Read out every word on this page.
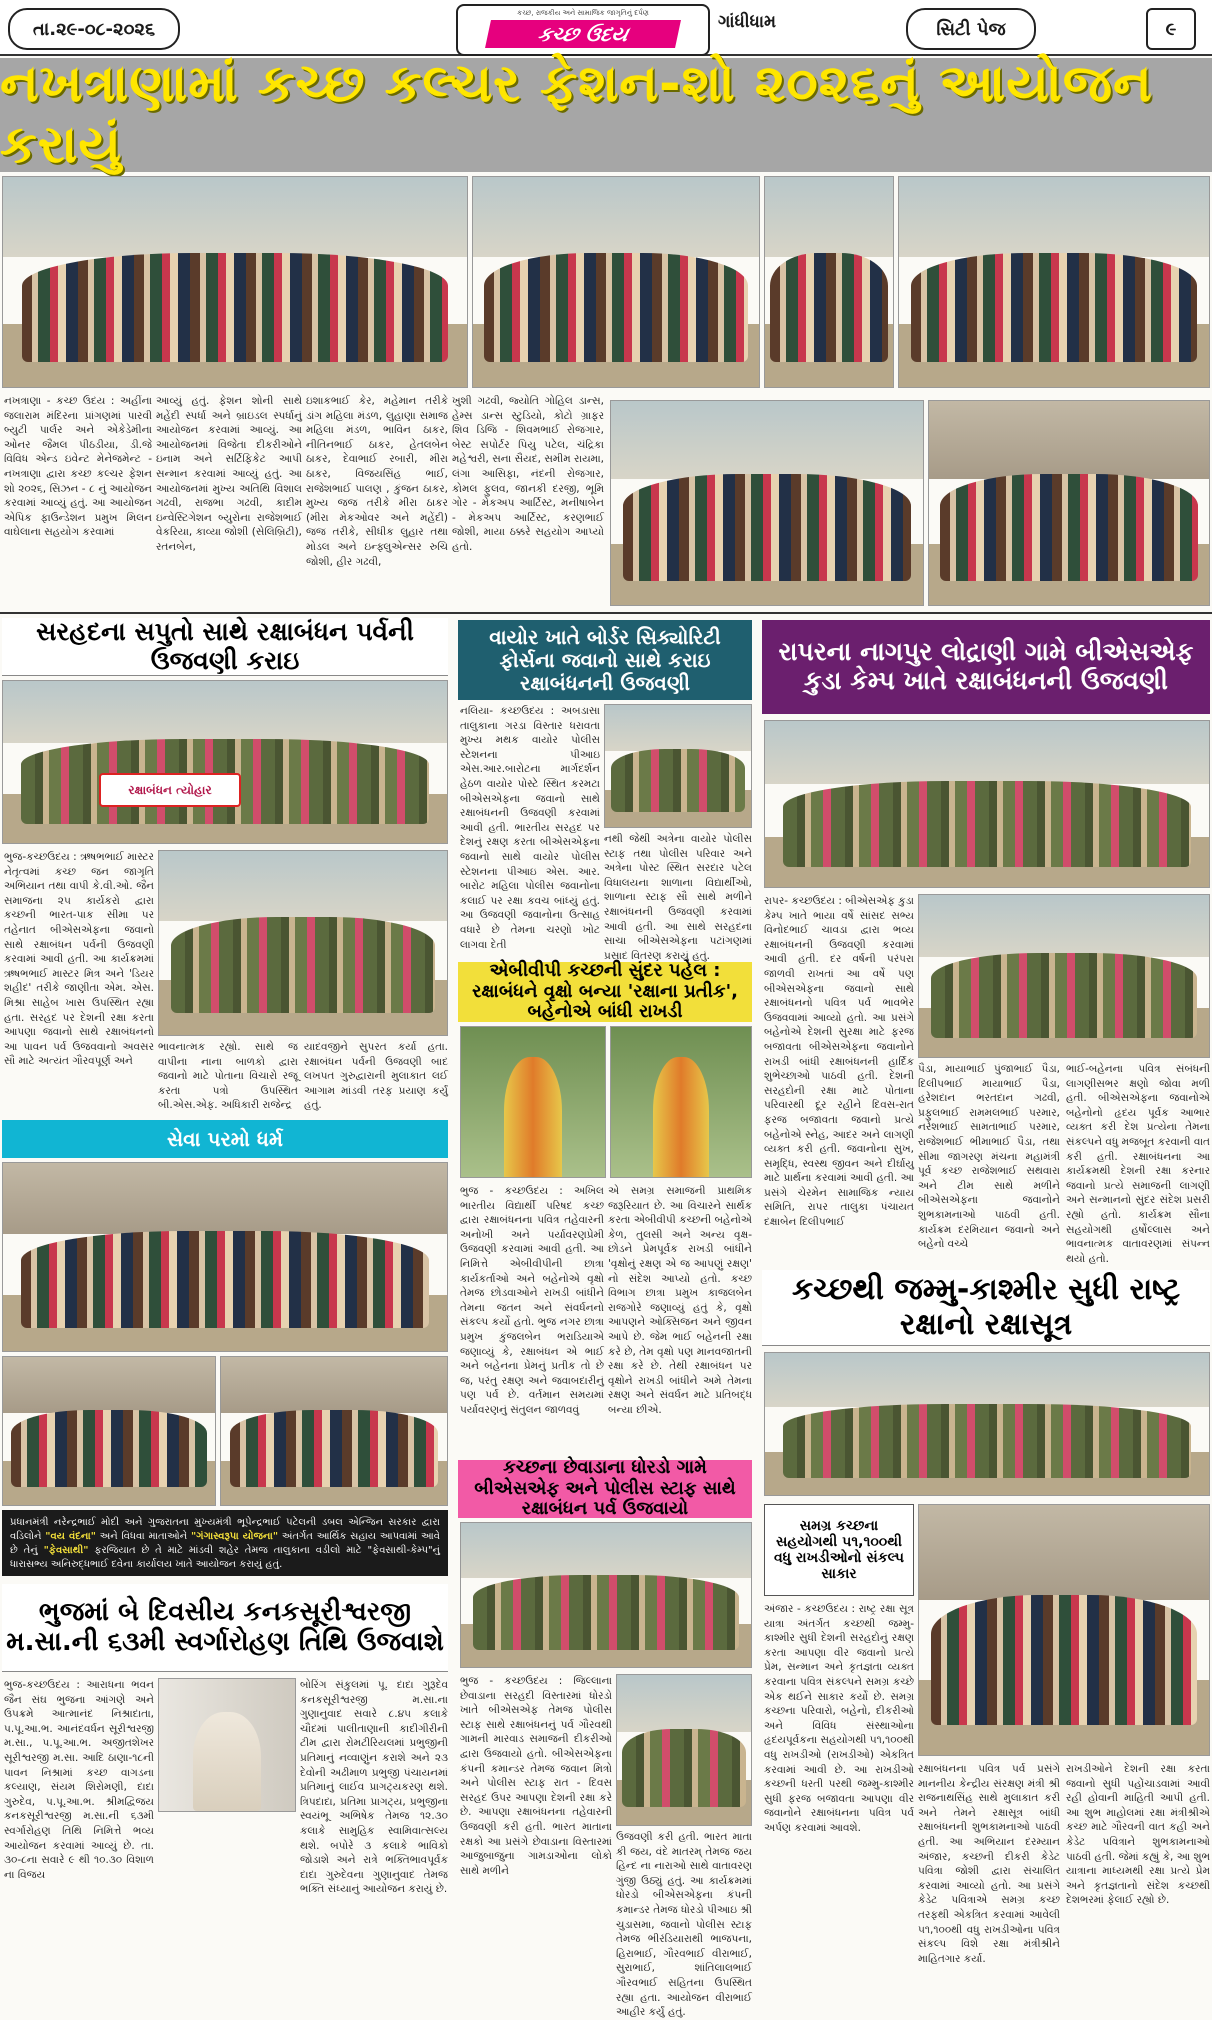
તા.૨૯-૦૮-૨૦૨૬
કચ્છ, રાજકીય અને સામાજિક જાગૃતિનું દર્પણ
કચ્છ ઉદય	ગાંધીધામ	સિટી પેજ	૯
નખત્રાણામાં કચ્છ કલ્ચર ફેશન-શો ૨૦૨૬નું આયોજન કરાયું
નખત્રાણા - કચ્છ ઉદય : અહીંના જલારામ મંદિરના પ્રાંગણમાં પારવી બ્યુટી પાર્લર અને એકેડેમીના ઓનર જૈમલ પીઠડીયા, ડી.જે વિવિધ એન્ડ ઇવેન્ટ મેનેજમેન્ટ - નખત્રાણા દ્વારા કચ્છ કલ્ચર ફેશન શો ૨૦૨૬, સિઝન - ૮ નું આયોજન કરવામાં આવ્યું હતું. આ આયોજન એપિક ફાઉન્ડેશન પ્રમુખ મિલન વાઘેલાના સહયોગ કરવામાં
આવ્યું હતું. ફેશન શોની સાથે મહેંદી સ્પર્ધા અને બ્રાઇડલ સ્પર્ધાનું આયોજન કરવામાં આવ્યું. આ આયોજનમાં વિજેતા દીકરીઓને ઇનામ અને સર્ટિફિકેટ આપી સન્માન કરવામાં આવ્યું હતું. આ આયોજનમાં મુખ્ય અતિથિ વિશાલ ગઢવી, રાજભા ગઢવી, કાદીમ ઇન્વેસ્ટિગેશન બ્યુરોના રાજેશભાઈ વેકરિયા, કાવ્યા જોશી (સેલિબ્રિટી), રતનબેન,
ઇશાકભાઈ કેર, મહેમાન તરીકે ડાંગ મહિલા મંડળ, લુહાણા સમાજ મહિલા મંડળ, ભાવિન ઠાકર, નીતિનભાઈ ઠાકર, હેતલબેન ઠાકર, દેવાભાઈ રબારી, મીરા ઠાકર, વિજયસિંહ ભાઈ, રાજેશભાઈ પાલણ , કુંજન ઠાકર, મુખ્ય જજ તરીકે મીરા ઠાકર (મીરા મેકઓવર અને મહેંદી) જજ તરીકે, સીધીક લુહાર તથા મોડલ અને ઇન્ફ્લુએન્સર રુચિ જોશી, હીર ગઢવી,
ખુશી ગઢવી, જ્યોતિ ગોહિલ ડાન્સ, હેમ્સ ડાન્સ સ્ટુડિયો, કોટો ગ્રાફર શિવ ડિજિ - શિવમભાઈ રોજગાર, બેસ્ટ સપોર્ટર પિયુ પટેલ, ચંદ્રિકા મહેશ્વરી, સના સૈયદ, સમીમ રાયમા, લંગા આસિફા, નંદની રોજગાર, કોમલ ફુલવ, જાનકી દરજી, ભૂમિ ગોર - મેકઅપ આર્ટિસ્ટ, મનીષાબેન - મેકઅપ આર્ટિસ્ટ, કરણભાઈ જોશી, માયા ઠક્કરે સહયોગ આપ્યો હતો.
સરહદના સપુતો સાથે રક્ષાબંધન પર્વની ઉજવણી કરાઇ
રક્ષાબંધન ત્યોહાર
ભુજ-કચ્છઉદય : ઋષભભાઈ માસ્ટર નેતૃત્વમાં કચ્છ જન જાગૃતિ અભિયાન તથા વાપી કે.વી.ઓ. જૈન સમાજના ૨૫ કાર્યકરો દ્વારા કચ્છની ભારત-પાક સીમા પર તહેનાત બીએસએફના જવાનો સાથે રક્ષાબંધન પર્વની ઉજવણી કરવામાં આવી હતી. આ કાર્યક્રમમાં ઋષભભાઈ માસ્ટર મિત્ર અને 'ડિયર શહીદ' તરીકે જાણીતા એમ. એસ. મિશ્રા સાહેબ ખાસ ઉપસ્થિત રહ્યા હતા. સરહદ પર દેશની રક્ષા કરતા આપણા જવાનો સાથે રક્ષાબંધનનો આ પાવન પર્વ ઉજવવાનો અવસર સૌ માટે અત્યંત ગૌરવપૂર્ણ અને
ભાવનાત્મક રહ્યો. સાથે જ વાપીના નાના બાળકો દ્વારા જવાનો માટે પોતાના વિચારો રજૂ કરતા પત્રો ઉપસ્થિત બી.એસ.એફ. અધિકારી રાજેન્દ્ર
યાદવજીને સુપરત કર્યા હતા. રક્ષાબંધન પર્વની ઉજવણી બાદ લખપત ગુરુદ્વારાની મુલાકાત લઈ આગામ માંડવી તરફ પ્રયાણ કર્યું હતું.
વાયોર ખાતે બોર્ડર સિક્યોરિટી ફોર્સના જવાનો સાથે કરાઇ રક્ષાબંધનની ઉજવણી
નલિયા- કચ્છઉદય : અબડાસા તાલુકાના ગરડા વિસ્તાર ધરાવતા મુખ્ય મથક વાયોર પોલીસ સ્ટેશનના પીઆઇ એસ.આર.બારોટના માર્ગદર્શન હેઠળ વાયોર પોસ્ટે સ્થિત કરમટા બીએસએફના જવાનો સાથે રક્ષાબંધનની ઉજવણી કરવામાં આવી હતી. ભારતીય સરહદ પર દેશનું રક્ષણ કરતા બીએસએફના જવાનો સાથે વાયોર પોલીસ સ્ટેશનના પીઆઇ એસ. આર. બારોટ મહિલા પોલીસ જવાનોના કલાઈ પર રક્ષા કવચ બાંધ્યું હતું. આ ઉજવણી જવાનોના ઉત્સાહ વધારે છે તેમના ચરણો ખોટ લાગવા દેતી
નથી જેથી અત્રેના વાયોર પોલીસ સ્ટાફ તથા પોલીસ પરિવાર અને અત્રેના પોસ્ટ સ્થિત સરદાર પટેલ વિધાલયના શાળાના વિદ્યાર્થીઓ, શાળાના સ્ટાફ સૌ સાથે મળીને રક્ષાબંધનની ઉજવણી કરવામાં આવી હતી. આ સાથે સરહદના સાચા બીએસએફના પટાંગણમાં પ્રસાદ વિતરણ કરાયું હતું.
એબીવીપી કચ્છની સુંદર પહેલ : રક્ષાબંધને વૃક્ષો બન્યા 'રક્ષાના પ્રતીક', બહેનોએ બાંધી રાખડી
ભુજ - કચ્છઉદય : અખિલ ભારતીય વિદ્યાર્થી પરિષદ કચ્છ દ્વારા રક્ષાબંધનના પવિત્ર તહેવારની અનોખી અને પર્યાવરણપ્રેમી ઉજવણી કરવામાં આવી હતી. આ નિમિત્તે એબીવીપીની છાત્રા કાર્યકર્તાઓ અને બહેનોએ વૃક્ષો તેમજ છોડવાઓને રાખડી બાંધીને તેમના જતન અને સંવર્ધનનો સંકલ્પ કર્યો હતો. ભુજ નગર છાત્રા પ્રમુખ કુંજલબેન ભરાડિયાએ જણાવ્યું કે, રક્ષાબંધન એ ભાઈ અને બહેનના પ્રેમનું પ્રતીક તો છે જ, પરંતુ રક્ષણ અને જવાબદારીનું પણ પર્વ છે. વર્તમાન સમયમાં પર્યાવરણનું સંતુલન જાળવવું
એ સમગ્ર સમાજની પ્રાથમિક જરૂરિયાત છે. આ વિચારને સાર્થક કરતા એબીવીપી કચ્છની બહેનોએ કેળ, તુલસી અને અન્ય વૃક્ષ-છોડને પ્રેમપૂર્વક રાખડી બાંધીને 'વૃક્ષોનું રક્ષણ એ જ આપણું રક્ષણ' નો સંદેશ આપ્યો હતો. કચ્છ વિભાગ છાત્રા પ્રમુખ કાજલબેન રાજગોરે જણાવ્યું હતું કે, વૃક્ષો આપણને ઓક્સિજન અને જીવન આપે છે. જેમ ભાઈ બહેનની રક્ષા કરે છે, તેમ વૃક્ષો પણ માનવજાતની રક્ષા કરે છે. તેથી રક્ષાબંધન પર વૃક્ષોને રાખડી બાંધીને અમે તેમના રક્ષણ અને સંવર્ધન માટે પ્રતિબદ્ધ બન્યા છીએ.
રાપરના નાગપુર લોદ્રાણી ગામે બીએસએફ કુડા કેમ્પ ખાતે રક્ષાબંધનની ઉજવણી
રાપર- કચ્છઉદય : બીએસએફ કુડા કેમ્પ ખાતે ભાયા વર્ષે સાંસદ સભ્ય વિનોદભાઈ ચાવડા દ્વારા ભવ્ય રક્ષાબંધનની ઉજવણી કરવામાં આવી હતી. દર વર્ષની પરંપરા જાળવી રાખતાં આ વર્ષે પણ બીએસએફના જવાનો સાથે રક્ષાબંધનનો પવિત્ર પર્વ ભાવભેર ઉજવવામાં આવ્યો હતો. આ પ્રસંગે બહેનોએ દેશની સુરક્ષા માટે ફરજ બજાવતા બીએસએફના જવાનોને રાખડી બાંધી રક્ષાબંધનની હાર્દિક શુભેચ્છાઓ પાઠવી હતી. દેશની સરહદોની રક્ષા માટે પોતાના પરિવારથી દૂર રહીને દિવસ-રાત ફરજ બજાવતા જવાનો પ્રત્યે બહેનોએ સ્નેહ, આદર અને લાગણી વ્યક્ત કરી હતી. જવાનોના સુખ, સમૃદ્ધિ, સ્વસ્થ જીવન અને દીર્ઘાયુ માટે પ્રાર્થના કરવામાં આવી હતી. આ પ્રસંગે ચેરમેન સામાજિક ન્યાય સમિતિ, રાપર તાલુકા પંચાયત દક્ષાબેન દિલીપભાઈ
પૈડા, માયાભાઈ પુંજાભાઈ પૈડા, દિલીપભાઈ માયાભાઈ પૈડા, હરેશદાન ભરતદાન ગઢવી, પ્રફુલભાઈ રામમલભાઈ પરમાર, નરેશભાઈ સામતાભાઈ પરમાર, રાજેશભાઈ ભીમાભાઈ પૈડા, તથા સીમા જાગરણ મંચના મહામંત્રી પૂર્વ કચ્છ રાજેશભાઈ સથવારા અને ટીમ સાથે મળીને બીએસએફના જવાનોને શુભકામનાઓ પાઠવી હતી. કાર્યક્રમ દરમિયાન જવાનો અને બહેનો વચ્ચે
ભાઈ-બહેનના પવિત્ર સંબંધની લાગણીસભર ક્ષણો જોવા મળી હતી. બીએસએફના જવાનોએ બહેનોનો હૃદય પૂર્વક આભાર વ્યક્ત કરી દેશ પ્રત્યેના તેમના સંકલ્પને વધુ મજબૂત કરવાની વાત કરી હતી. રક્ષાબંધનના આ કાર્યક્રમથી દેશની રક્ષા કરનાર જવાનો પ્રત્યે સમાજની લાગણી અને સન્માનનો સુંદર સંદેશ પ્રસરી રહ્યો હતો. કાર્યક્રમ સૌના સહયોગથી હર્ષોલ્લાસ અને ભાવનાત્મક વાતાવરણમાં સંપન્ન થયો હતો.
સેવા પરમો ધર્મ
પ્રધાનમંત્રી નરેન્દ્રભાઈ મોદી અને ગુજરાતના મુખ્યમંત્રી ભૂપેન્દ્રભાઈ પટેલની ડબલ એન્જિન સરકાર દ્વારા વડિલોને "વય વંદના" અને વિધવા માતાઓને "ગંગાસ્વરૂપા યોજના" અંતર્ગત આર્થિક સહાય આપવામાં આવે છે તેનું "ફેવસાથી" ફરજિયાત છે તે માટે માંડવી શહેર તેમજ તાલુકાના વડીલો માટે "ફેવસાથી-કેમ્પ"નું ધારાસભ્ય અનિરુદ્ધભાઈ દવેના કાર્યાલય ખાતે આયોજન કરાયું હતું.
કચ્છથી જમ્મુ-કાશ્મીર સુધી રાષ્ટ્ર રક્ષાનો રક્ષાસૂત્ર
કચ્છના છેવાડાના ધોરડો ગામે બીએસએફ અને પોલીસ સ્ટાફ સાથે રક્ષાબંધન પર્વ ઉજવાયો
ભુજ - કચ્છઉદય : જિલ્લાના છેવાડાના સરહદી વિસ્તારમાં ધોરડો ખાતે બીએસએફ તેમજ પોલીસ સ્ટાફ સાથે રક્ષાબંધનનું પર્વ ગૌરવથી ગામની મારવાડ સમાજની દીકરીઓ દ્વારા ઉજવાયો હતો. બીએસએફના કંપની કમાન્ડર તેમજ જવાન મિત્રો અને પોલીસ સ્ટાફ રાત - દિવસ સરહદ ઉપર આપણા દેશની રક્ષા કરે છે. આપણા રક્ષાબંધનના તહેવારની ઉજવણી કરી હતી. ભારત માતાના રક્ષકો આ પ્રસંગે છેવાડાના વિસ્તારમાં આજુબાજુના ગામડાઓના લોકો સાથે મળીને
ઉજવણી કરી હતી. ભારત માતા કી જય, વંદે માતરમ્ તેમજ જય હિન્દ ના નારાઓ સાથે વાતાવરણ ગુંજી ઉઠ્યું હતું. આ કાર્યક્રમમાં ધોરડો બીએસએફના કંપની કમાન્ડર તેમજ ધોરડો પીઆઇ શ્રી ચુડાસમા, જવાનો પોલીસ સ્ટાફ તેમજ ભીરંડિયારાથી ભાજપના, હિરાભાઈ, ગૌરવભાઈ વીરાભાઈ, સુરાભાઈ, શાંતિલાલભાઈ ગૌરવભાઈ સહિતના ઉપસ્થિત રહ્યા હતા. આયોજન વીરાભાઈ આહીર કર્યું હતું.
સમગ્ર કચ્છના સહયોગથી ૫૧,૧૦૦થી વધુ રાખડીઓનો સંકલ્પ સાકાર
અંજાર - કચ્છઉદય : રાષ્ટ્ર રક્ષા સૂત્ર યાત્રા અંતર્ગત કચ્છથી જમ્મુ-કાશ્મીર સુધી દેશની સરહદોનું રક્ષણ કરતા આપણા વીર જવાનો પ્રત્યે પ્રેમ, સન્માન અને કૃતજ્ઞતા વ્યક્ત કરવાના પવિત્ર સંકલ્પને સમગ્ર કચ્છે એક થઈને સાકાર કર્યો છે. સમગ્ર કચ્છના પરિવારો, બહેનો, દીકરીઓ અને વિવિધ સંસ્થાઓના હૃદયપૂર્વકના સહયોગથી ૫૧,૧૦૦થી વધુ રાખડીઓ (રાખડીઓ) એકત્રિત કરવામાં આવી છે. આ રાખડીઓ કચ્છની ધરતી પરથી જમ્મુ-કાશ્મીર સુધી ફરજ બજાવતા આપણા વીર જવાનોને રક્ષાબંધનના પવિત્ર પર્વ અર્પણ કરવામાં આવશે.
રક્ષાબંધનના પવિત્ર પર્વ પ્રસંગે માનનીય કેન્દ્રીય સંરક્ષણ મંત્રી શ્રી રાજનાથસિંહ સાથે મુલાકાત કરી અને તેમને રક્ષાસૂત્ર બાંધી રક્ષાબંધનની શુભકામનાઓ પાઠવી હતી. આ અભિયાન દરમ્યાન અંજાર, કચ્છની દીકરી કેડેટ પવિત્રા જોશી દ્વારા સંચાલિત કરવામાં આવ્યો હતો. આ પ્રસંગે કેડેટ પવિત્રાએ સમગ્ર કચ્છ તરફથી એકત્રિત કરવામાં આવેલી ૫૧,૧૦૦થી વધુ રાખડીઓના પવિત્ર સંકલ્પ વિશે રક્ષા મંત્રીશ્રીને માહિતગાર કર્યા.
રાખડીઓને દેશની રક્ષા કરતા જવાનો સુધી પહોંચાડવામાં આવી રહી હોવાની માહિતી આપી હતી. આ શુભ માહોલમાં રક્ષા મંત્રીશ્રીએ કચ્છ માટે ગૌરવની વાત કહી અને કેડેટ પવિત્રાને શુભકામનાઓ પાઠવી હતી. જેમાં કહ્યું કે, આ શુભ યાત્રાના માધ્યમથી રક્ષા પ્રત્યે પ્રેમ અને કૃતજ્ઞતાનો સંદેશ કચ્છથી દેશભરમાં ફેલાઈ રહ્યો છે.
ભુજમાં બે દિવસીય કનકસૂરીશ્વરજી મ.સા.ની ૬૩મી સ્વર્ગારોહણ તિથિ ઉજવાશે
ભુજ-કચ્છઉદય : આરાધના ભવન જૈન સંઘ ભુજના આંગણે અને ઉપક્રમે આત્માનંદ નિશ્રાદાતા, પ.પૂ.આ.ભ. આનંદવર્ધન સૂરીશ્વરજી મ.સા., પ.પૂ.આ.ભ. અજીતશેખર સૂરીશ્વરજી મ.સા. આદિ ઠાણા-૧૮ની પાવન નિશ્રામાં કચ્છ વાગડના કલ્યાણ, સંયમ શિરોમણી, દાદા ગુરુદેવ, પ.પૂ.આ.ભ. શ્રીમદ્વિજય કનકસૂરીશ્વરજી મ.સા.ની ૬૩મી સ્વર્ગારોહણ તિથિ નિમિત્તે ભવ્ય આયોજન કરવામાં આવ્યું છે. તા. ૩૦-૮ના સવારે ૯ થી ૧૦.૩૦ વિશાળ ના વિજય
બોરિંગ સંકુલમાં પૂ. દાદા ગુરૂદેવ કનકસૂરીશ્વરજી મ.સા.ના ગુણાનુવાદ સવારે ૮.૪૫ કલાકે ચૌદમાં પાલીતાણાની કાદીગીરીની ટીમ દ્વારા રોમટીરિયલમાં પ્રભુજીની પ્રતિમાનું નવ્વાણુંન કરાશે અને ૨૩ દેવોની અઢીમાળ પ્રભુજી પંચાયનમાં પ્રતિમાનું લાઈવ પ્રાગટ્યકરણ થશે. ત્રિપદાદા, પ્રતિમા પ્રાગટ્ય, પ્રભુજીના સ્વયંભૂ અભિષેક તેમજ ૧૨.૩૦ કલાકે સામુહિક સ્વામિવાત્સલ્ય થશે. બપોરે ૩ કલાકે ભાવિકો જોડાશે અને રાત્રે ભક્તિભાવપૂર્વક દાદા ગુરુદેવના ગુણાનુવાદ તેમજ ભક્તિ સંધ્યાનું આયોજન કરાયું છે.
